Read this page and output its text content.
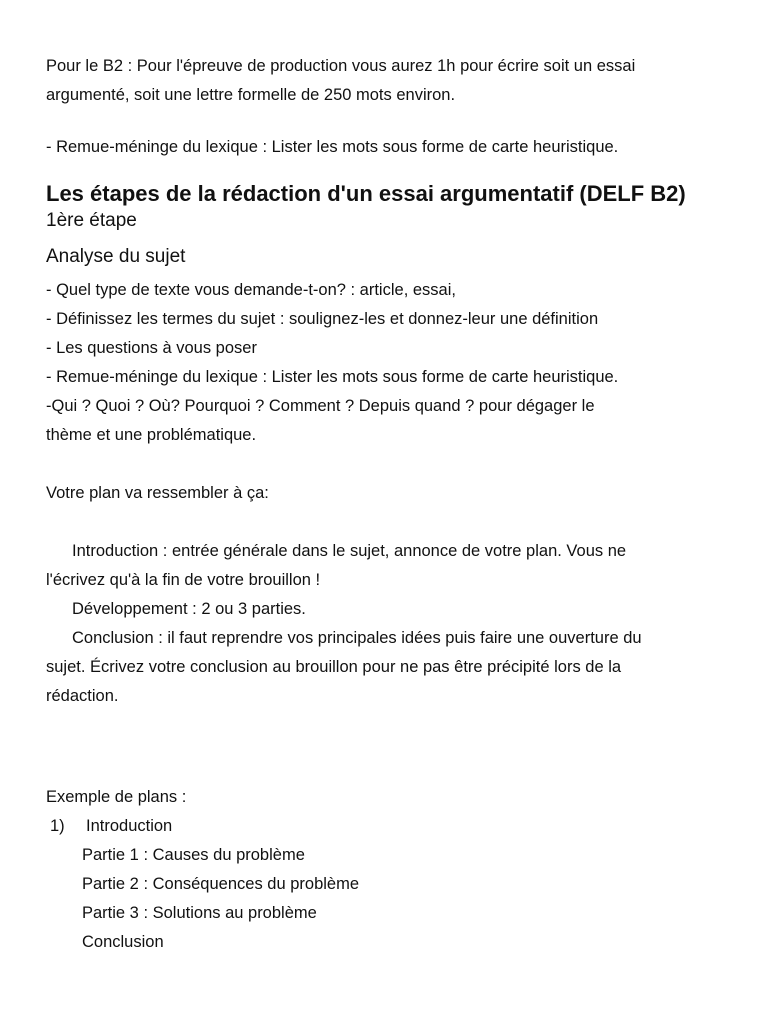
Pour le B2 : Pour l'épreuve de production vous aurez 1h pour écrire soit un essai

argumenté, soit une lettre formelle de 250 mots environ.

- Remue-méninge du lexique : Lister les mots sous forme de carte heuristique.

Les étapes de la rédaction d'un essai argumentatif (DELF B2)
1ère étape
Analyse du sujet

- Quel type de texte vous demande-t-on? : article, essai,

- Définissez les termes du sujet : soulignez-les et donnez-leur une définition

- Les questions à vous poser

- Remue-méninge du lexique : Lister les mots sous forme de carte heuristique.

-Qui ? Quoi ? Où? Pourquoi ? Comment ? Depuis quand ? pour dégager le

thème et une problématique.

Votre plan va ressembler à ça:

Introduction : entrée générale dans le sujet, annonce de votre plan. Vous ne

l'écrivez qu'à la fin de votre brouillon !

Développement : 2 ou 3 parties.

Conclusion : il faut reprendre vos principales idées puis faire une ouverture du

sujet. Écrivez votre conclusion au brouillon pour ne pas être précipité lors de la

rédaction.

Exemple de plans :

1)	Introduction
Partie 1 : Causes du problème
Partie 2 : Conséquences du problème
Partie 3 : Solutions au problème
Conclusion
